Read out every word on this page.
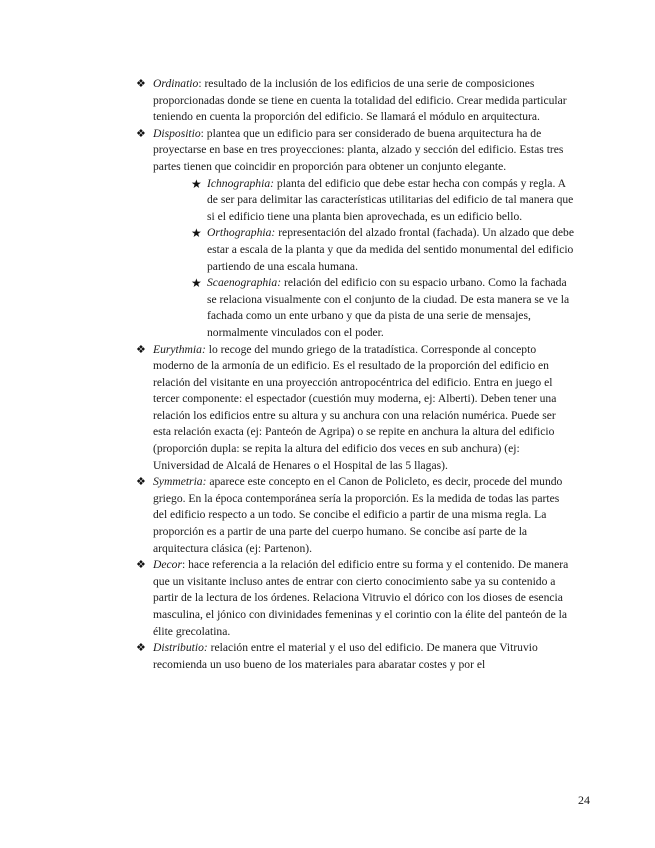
❖ Ordinatio: resultado de la inclusión de los edificios de una serie de composiciones proporcionadas donde se tiene en cuenta la totalidad del edificio. Crear medida particular teniendo en cuenta la proporción del edificio. Se llamará el módulo en arquitectura.
❖ Dispositio: plantea que un edificio para ser considerado de buena arquitectura ha de proyectarse en base en tres proyecciones: planta, alzado y sección del edificio. Estas tres partes tienen que coincidir en proporción para obtener un conjunto elegante.
★ Ichnographia: planta del edificio que debe estar hecha con compás y regla. A de ser para delimitar las características utilitarias del edificio de tal manera que si el edificio tiene una planta bien aprovechada, es un edificio bello.
★ Orthographia: representación del alzado frontal (fachada). Un alzado que debe estar a escala de la planta y que da medida del sentido monumental del edificio partiendo de una escala humana.
★ Scaenographia: relación del edificio con su espacio urbano. Como la fachada se relaciona visualmente con el conjunto de la ciudad. De esta manera se ve la fachada como un ente urbano y que da pista de una serie de mensajes, normalmente vinculados con el poder.
❖ Eurythmia: lo recoge del mundo griego de la tratadística. Corresponde al concepto moderno de la armonía de un edificio. Es el resultado de la proporción del edificio en relación del visitante en una proyección antropocéntrica del edificio. Entra en juego el tercer componente: el espectador (cuestión muy moderna, ej: Alberti). Deben tener una relación los edificios entre su altura y su anchura con una relación numérica. Puede ser esta relación exacta (ej: Panteón de Agripa) o se repite en anchura la altura del edificio (proporción dupla: se repita la altura del edificio dos veces en sub anchura) (ej: Universidad de Alcalá de Henares o el Hospital de las 5 llagas).
❖ Symmetria: aparece este concepto en el Canon de Policleto, es decir, procede del mundo griego. En la época contemporánea sería la proporción. Es la medida de todas las partes del edificio respecto a un todo. Se concibe el edificio a partir de una misma regla. La proporción es a partir de una parte del cuerpo humano. Se concibe así parte de la arquitectura clásica (ej: Partenon).
❖ Decor: hace referencia a la relación del edificio entre su forma y el contenido. De manera que un visitante incluso antes de entrar con cierto conocimiento sabe ya su contenido a partir de la lectura de los órdenes. Relaciona Vitruvio el dórico con los dioses de esencia masculina, el jónico con divinidades femeninas y el corintio con la élite del panteón de la élite grecolatina.
❖ Distributio: relación entre el material y el uso del edificio. De manera que Vitruvio recomienda un uso bueno de los materiales para abaratar costes y por el
24
